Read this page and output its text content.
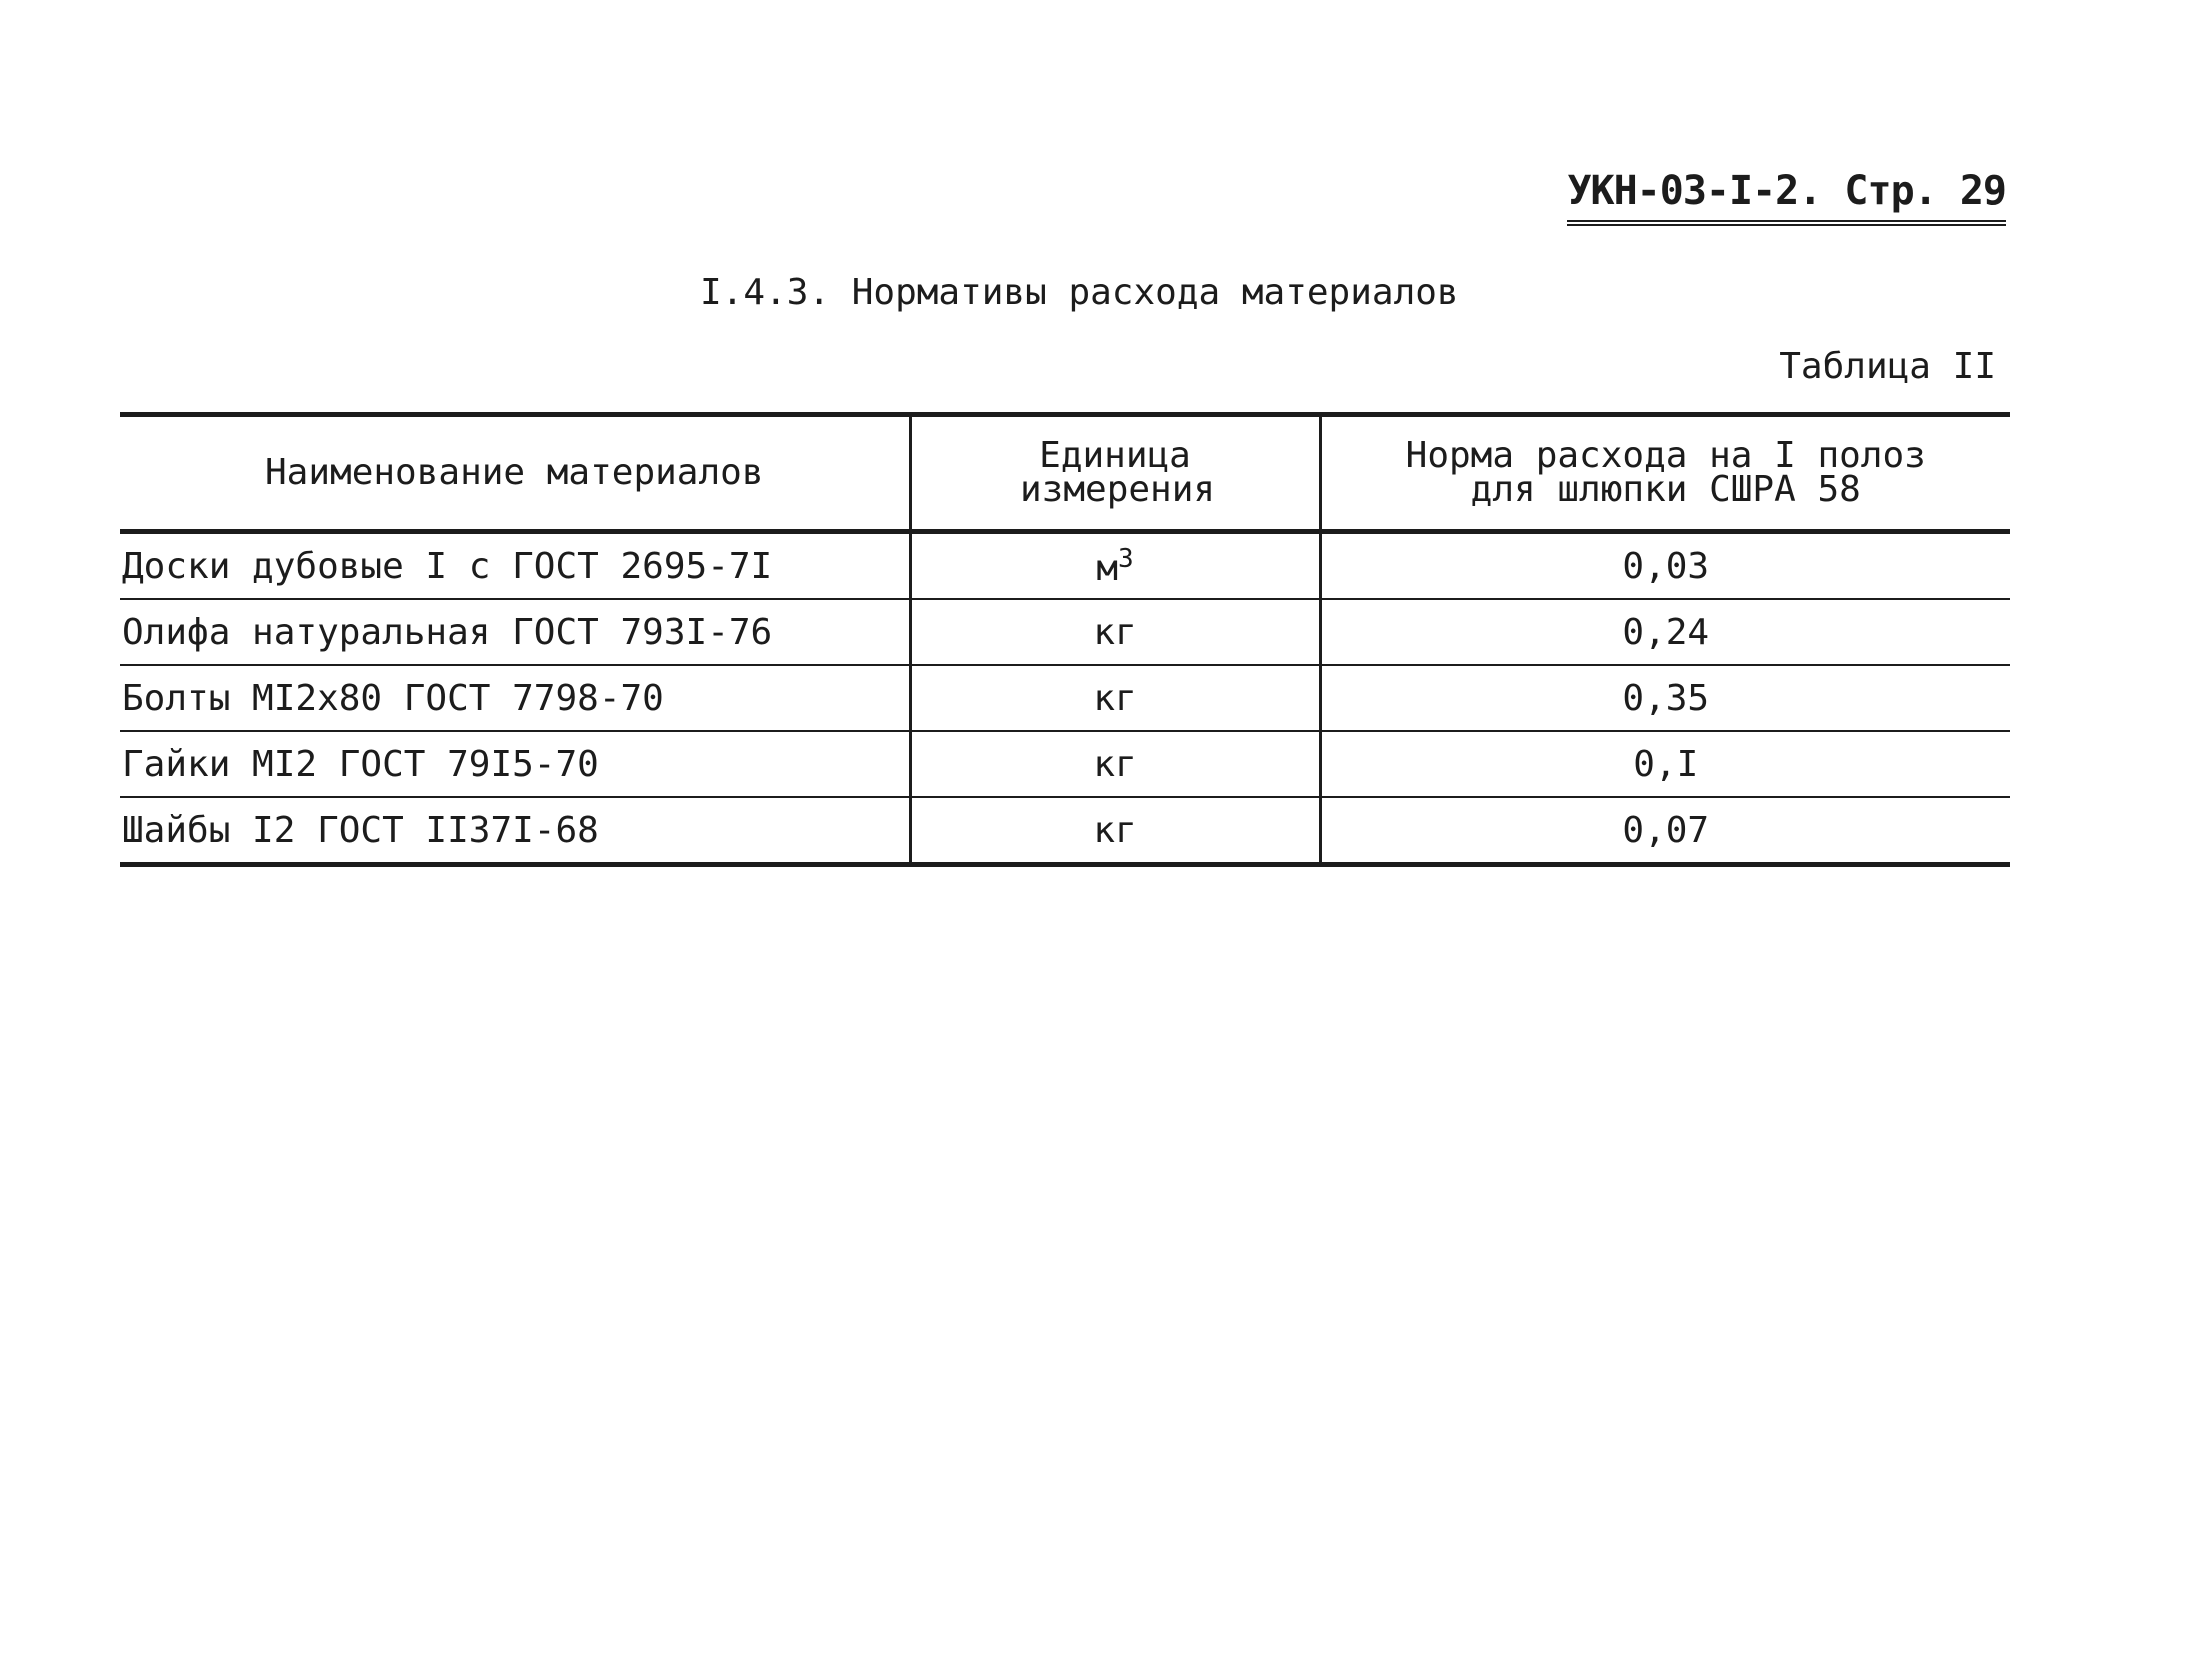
УКН-03-I-2. Стр. 29
I.4.3. Нормативы расхода материалов
Таблица II
Наименование материалов	Единица измерения	Норма расхода на I полоз для шлюпки СШРА 58

Доски дубовые I с ГОСТ 2695-7I	$м^3$	0,03
Олифа натуральная ГОСТ 793I-76	кг	0,24
Болты МI2х80 ГОСТ 7798-70	кг	0,35
Гайки МI2 ГОСТ 79I5-70	кг	0,I
Шайбы I2 ГОСТ II37I-68	кг	0,07
